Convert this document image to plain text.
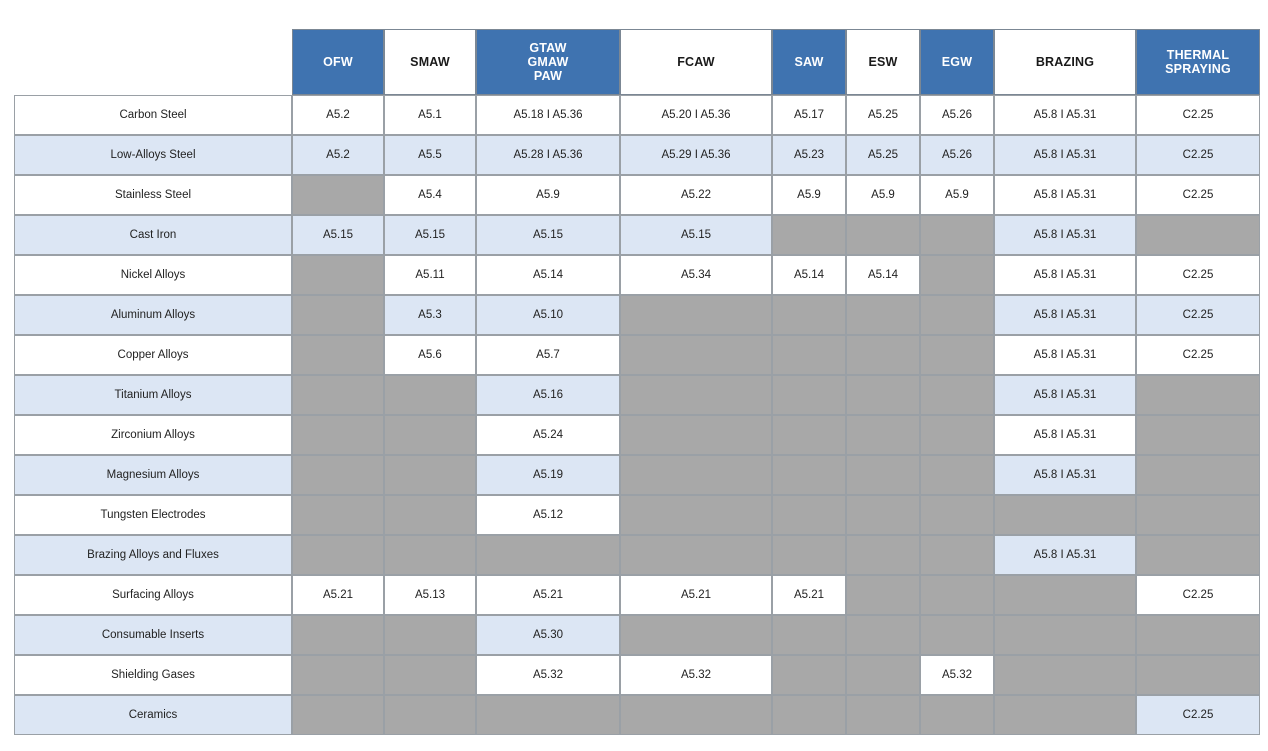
	OFW	SMAW	GTAW
GMAW
PAW	FCAW	SAW	ESW	EGW	BRAZING	THERMAL
SPRAYING
Carbon Steel	A5.2	A5.1	A5.18 I A5.36	A5.20 I A5.36	A5.17	A5.25	A5.26	A5.8 I A5.31	C2.25
Low-Alloys Steel	A5.2	A5.5	A5.28 I A5.36	A5.29 I A5.36	A5.23	A5.25	A5.26	A5.8 I A5.31	C2.25
Stainless Steel		A5.4	A5.9	A5.22	A5.9	A5.9	A5.9	A5.8 I A5.31	C2.25
Cast Iron	A5.15	A5.15	A5.15	A5.15				A5.8 I A5.31	
Nickel Alloys		A5.11	A5.14	A5.34	A5.14	A5.14		A5.8 I A5.31	C2.25
Aluminum Alloys		A5.3	A5.10					A5.8 I A5.31	C2.25
Copper Alloys		A5.6	A5.7					A5.8 I A5.31	C2.25
Titanium Alloys			A5.16					A5.8 I A5.31	
Zirconium Alloys			A5.24					A5.8 I A5.31	
Magnesium Alloys			A5.19					A5.8 I A5.31	
Tungsten Electrodes			A5.12						
Brazing Alloys and Fluxes								A5.8 I A5.31	
Surfacing Alloys	A5.21	A5.13	A5.21	A5.21	A5.21				C2.25
Consumable Inserts			A5.30						
Shielding Gases			A5.32	A5.32			A5.32		
Ceramics									C2.25
